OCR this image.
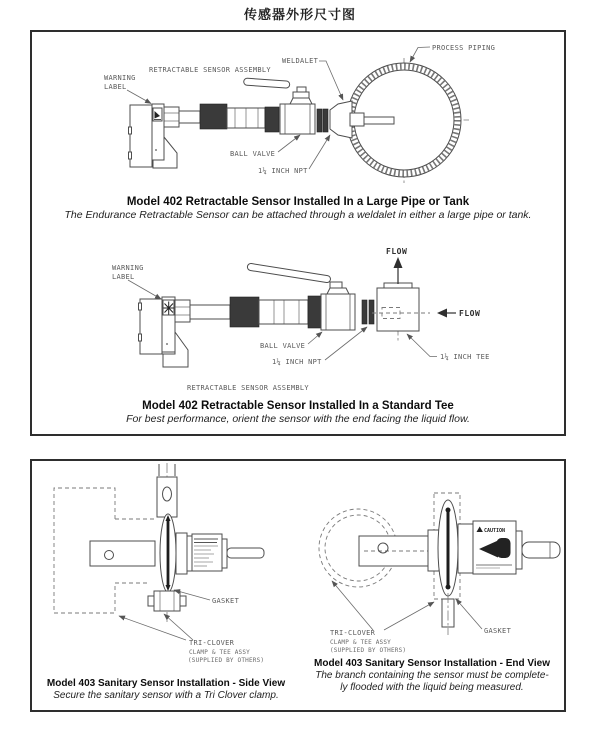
传感器外形尺寸图
WARNING
LABEL
RETRACTABLE SENSOR ASSEMBLY
WELDALET
PROCESS PIPING
BALL VALVE
1¼ INCH NPT
WARNING
LABEL
FLOW
FLOW
BALL VALVE
1¼ INCH NPT
1¼ INCH TEE
RETRACTABLE SENSOR ASSEMBLY
Model 402 Retractable Sensor Installed In a Large Pipe or Tank
The Endurance Retractable Sensor can be attached through a weldalet in either a large pipe or tank.
Model 402 Retractable Sensor Installed In a Standard Tee
For best performance, orient the sensor with the end facing the liquid flow.
GASKET
TRI-CLOVER
CLAMP & TEE ASSY
(SUPPLIED BY OTHERS)
CAUTION
TRI-CLOVER
CLAMP & TEE ASSY
(SUPPLIED BY OTHERS)
GASKET
Model 403 Sanitary Sensor Installation - Side View
Secure the sanitary sensor with a Tri Clover clamp.
Model 403 Sanitary Sensor Installation - End View
The branch containing the sensor must be complete-
ly flooded with the liquid being measured.
